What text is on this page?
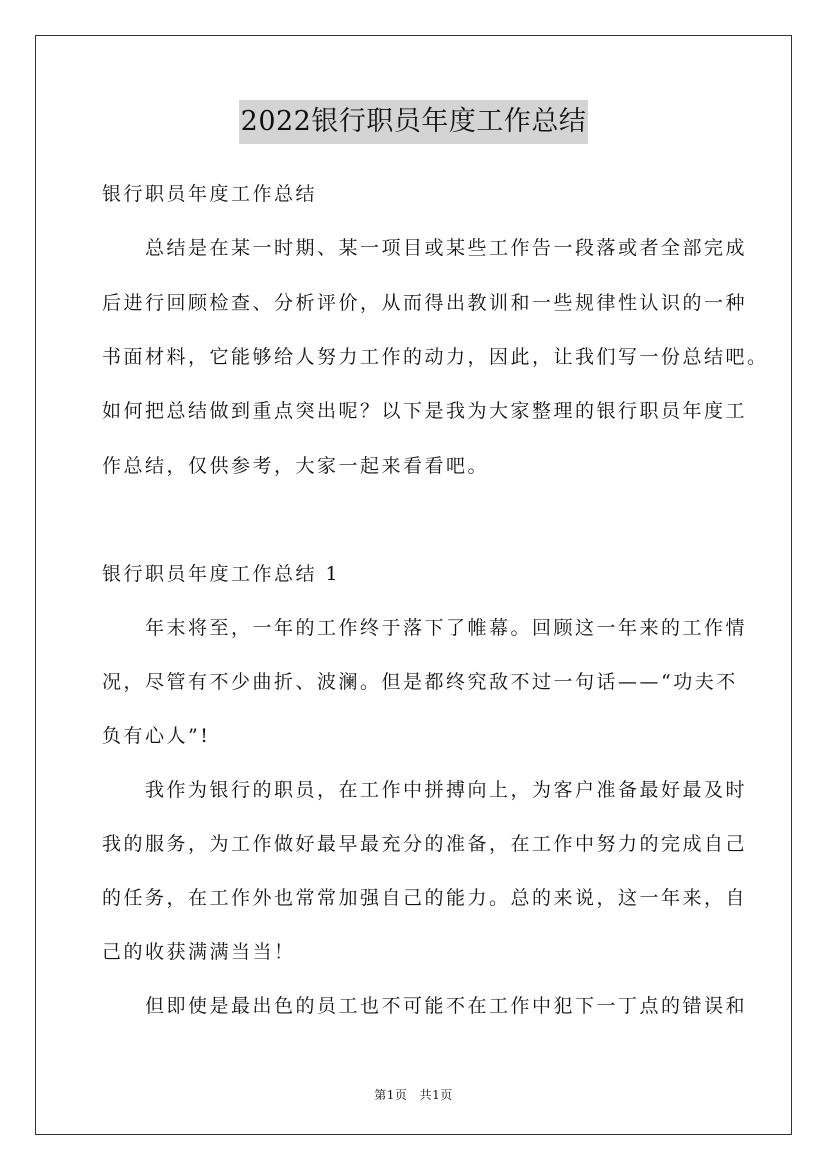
2022银行职员年度工作总结
银行职员年度工作总结
总结是在某一时期、某一项目或某些工作告一段落或者全部完成
后进行回顾检查、分析评价，从而得出教训和一些规律性认识的一种
书面材料，它能够给人努力工作的动力，因此，让我们写一份总结吧。
如何把总结做到重点突出呢？以下是我为大家整理的银行职员年度工
作总结，仅供参考，大家一起来看看吧。
银行职员年度工作总结 1
年末将至，一年的工作终于落下了帷幕。回顾这一年来的工作情
况，尽管有不少曲折、波澜。但是都终究敌不过一句话——“功夫不
负有心人”!
我作为银行的职员，在工作中拼搏向上，为客户准备最好最及时
我的服务，为工作做好最早最充分的准备，在工作中努力的完成自己
的任务，在工作外也常常加强自己的能力。总的来说，这一年来，自
己的收获满满当当！
但即使是最出色的员工也不可能不在工作中犯下一丁点的错误和
第1页 共1页
